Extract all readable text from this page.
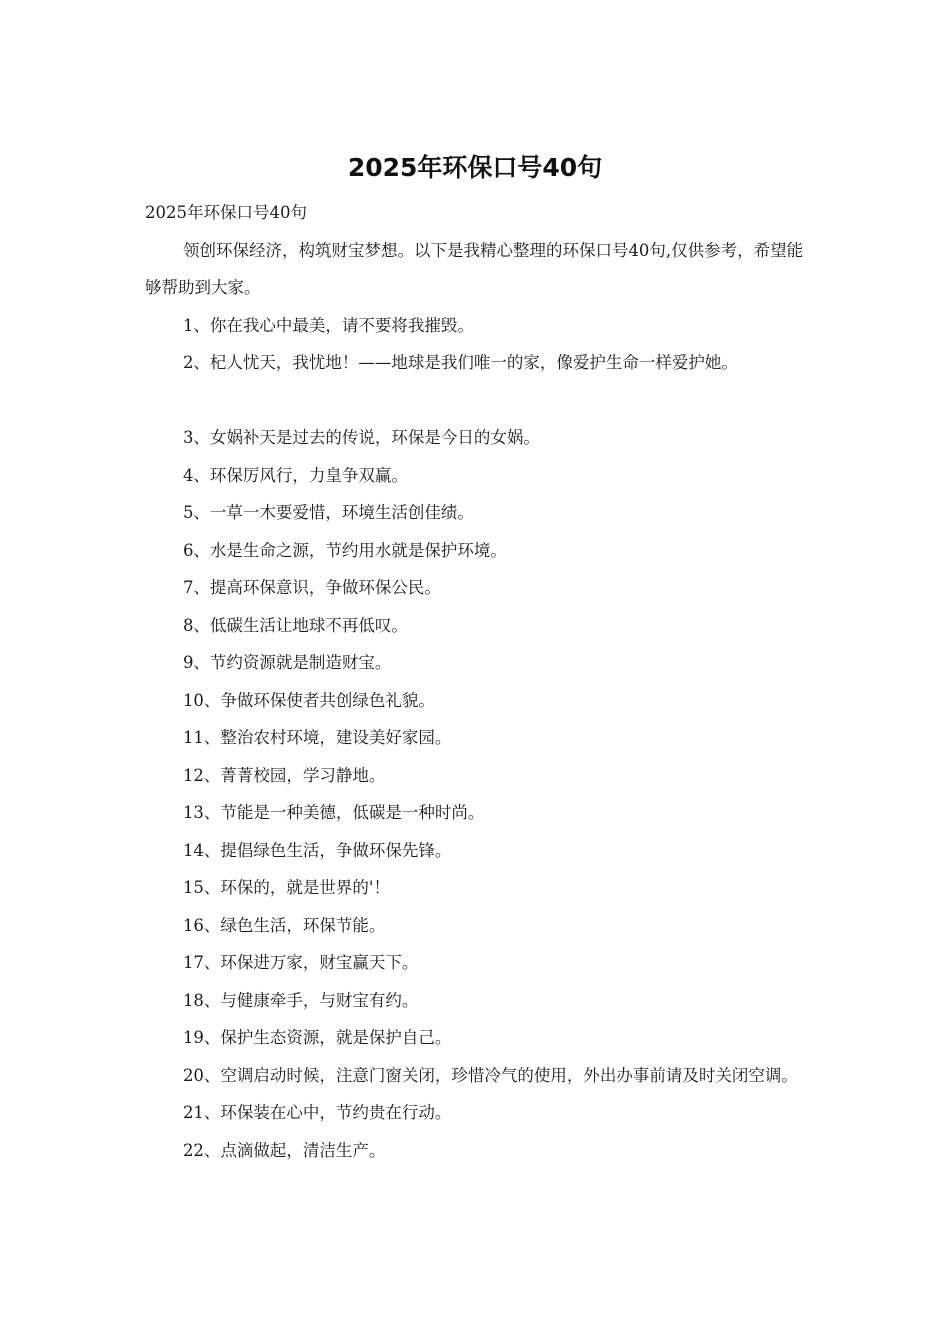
2025年环保口号40句

2025年环保口号40句

领创环保经济，构筑财宝梦想。以下是我精心整理的环保口号40句,仅供参考，希望能够帮助到大家。

1、你在我心中最美，请不要将我摧毁。

2、杞人忧天，我忧地！——地球是我们唯一的家，像爱护生命一样爱护她。

3、女娲补天是过去的传说，环保是今日的女娲。

4、环保厉风行，力皇争双赢。

5、一草一木要爱惜，环境生活创佳绩。

6、水是生命之源，节约用水就是保护环境。

7、提高环保意识，争做环保公民。

8、低碳生活让地球不再低叹。

9、节约资源就是制造财宝。

10、争做环保使者共创绿色礼貌。

11、整治农村环境，建设美好家园。

12、菁菁校园，学习静地。

13、节能是一种美德，低碳是一种时尚。

14、提倡绿色生活，争做环保先锋。

15、环保的，就是世界的'！

16、绿色生活，环保节能。

17、环保进万家，财宝赢天下。

18、与健康牵手，与财宝有约。

19、保护生态资源，就是保护自己。

20、空调启动时候，注意门窗关闭，珍惜冷气的使用，外出办事前请及时关闭空调。

21、环保装在心中，节约贵在行动。

22、点滴做起，清洁生产。
